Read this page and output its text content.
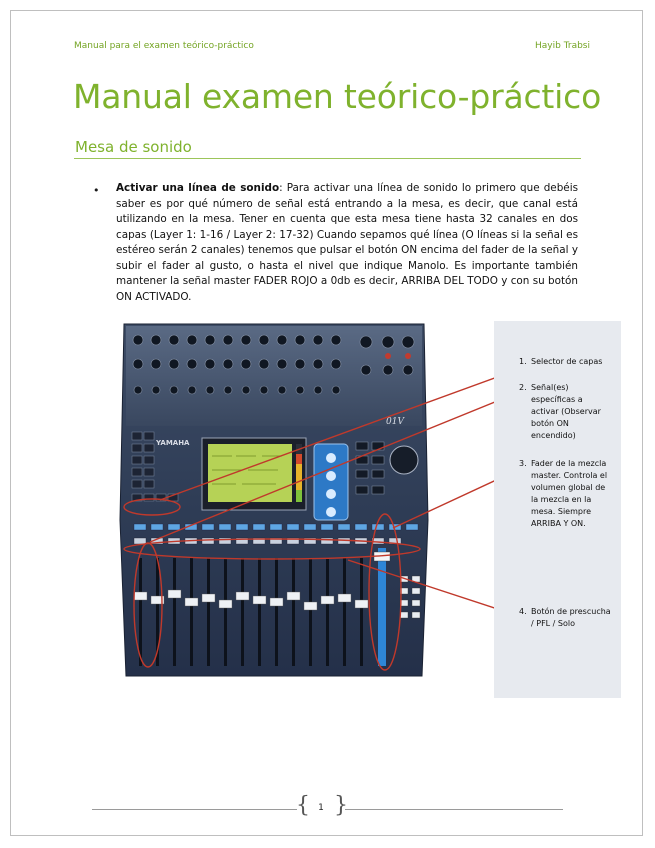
Manual para el examen teórico-práctico	Hayib Trabsi
Manual examen teórico-práctico
Mesa de sonido
• Activar una línea de sonido: Para activar una línea de sonido lo primero que debéis saber es por qué número de señal está entrando a la mesa, es decir, que canal está utilizando en la mesa. Tener en cuenta que esta mesa tiene hasta 32 canales en dos capas (Layer 1: 1-16 / Layer 2: 17-32) Cuando sepamos qué línea (O líneas si la señal es estéreo serán 2 canales) tenemos que pulsar el botón ON encima del fader de la señal y subir el fader al gusto, o hasta el nivel que indique Manolo. Es importante también mantener la señal master FADER ROJO a 0db es decir, ARRIBA DEL TODO y con su botón ON ACTIVADO.
YAMAHA
01V
1. Selector de capas
2. Señal(es) específicas a activar (Observar botón ON encendido)
3. Fader de la mezcla master. Controla el volumen global de la mezcla en la mesa. Siempre ARRIBA Y ON.
4. Botón de prescucha / PFL / Solo
{ }
1
